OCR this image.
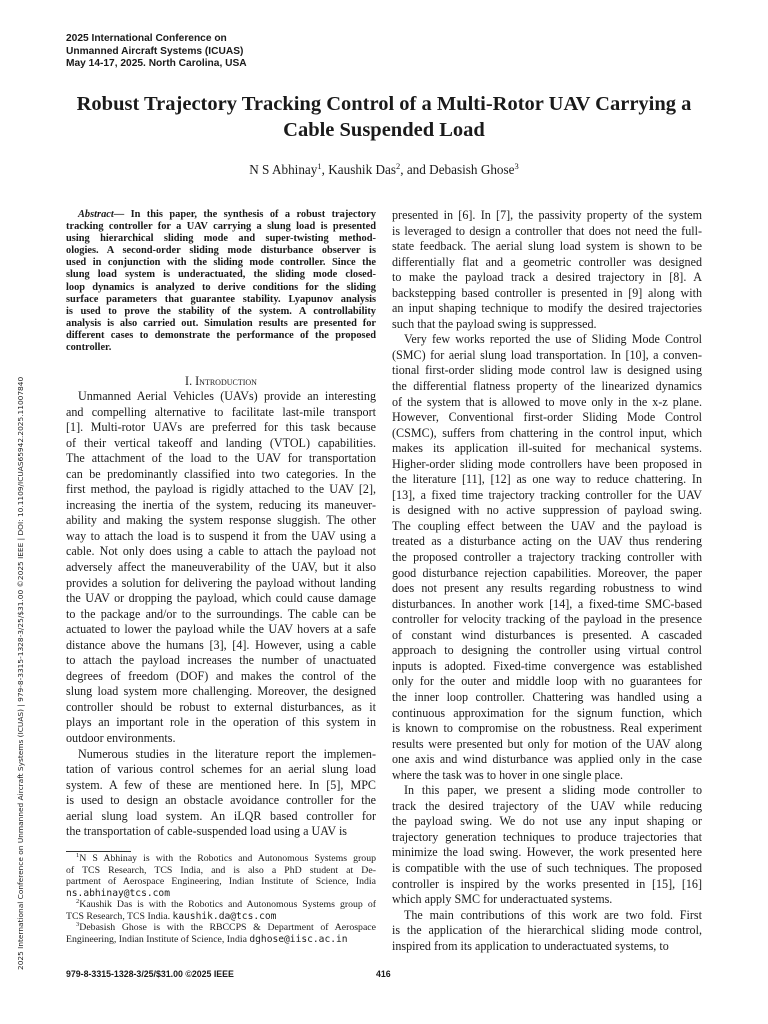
2025 International Conference on
Unmanned Aircraft Systems (ICUAS)
May 14-17, 2025. North Carolina, USA
2025 International Conference on Unmanned Aircraft Systems (ICUAS) | 979-8-3315-1328-3/25/$31.00 ©2025 IEEE | DOI: 10.1109/ICUAS65942.2025.11007840
Robust Trajectory Tracking Control of a Multi-Rotor UAV Carrying a
Cable Suspended Load
N S Abhinay$^1$, Kaushik Das$^2$, and Debasish Ghose$^3$
Abstract— In this paper, the synthesis of a robust trajectory
tracking controller for a UAV carrying a slung load is presented
using hierarchical sliding mode and super-twisting method-
ologies. A second-order sliding mode disturbance observer is
used in conjunction with the sliding mode controller. Since the
slung load system is underactuated, the sliding mode closed-
loop dynamics is analyzed to derive conditions for the sliding
surface parameters that guarantee stability. Lyapunov analysis
is used to prove the stability of the system. A controllability
analysis is also carried out. Simulation results are presented for
different cases to demonstrate the performance of the proposed
controller.
I. Introduction
Unmanned Aerial Vehicles (UAVs) provide an interesting
and compelling alternative to facilitate last-mile transport
[1]. Multi-rotor UAVs are preferred for this task because
of their vertical takeoff and landing (VTOL) capabilities.
The attachment of the load to the UAV for transportation
can be predominantly classified into two categories. In the
first method, the payload is rigidly attached to the UAV [2],
increasing the inertia of the system, reducing its maneuver-
ability and making the system response sluggish. The other
way to attach the load is to suspend it from the UAV using a
cable. Not only does using a cable to attach the payload not
adversely affect the maneuverability of the UAV, but it also
provides a solution for delivering the payload without landing
the UAV or dropping the payload, which could cause damage
to the package and/or to the surroundings. The cable can be
actuated to lower the payload while the UAV hovers at a safe
distance above the humans [3], [4]. However, using a cable
to attach the payload increases the number of unactuated
degrees of freedom (DOF) and makes the control of the
slung load system more challenging. Moreover, the designed
controller should be robust to external disturbances, as it
plays an important role in the operation of this system in
outdoor environments.
Numerous studies in the literature report the implemen-
tation of various control schemes for an aerial slung load
system. A few of these are mentioned here. In [5], MPC
is used to design an obstacle avoidance controller for the
aerial slung load system. An iLQR based controller for
the transportation of cable-suspended load using a UAV is
presented in [6]. In [7], the passivity property of the system
is leveraged to design a controller that does not need the full-
state feedback. The aerial slung load system is shown to be
differentially flat and a geometric controller was designed
to make the payload track a desired trajectory in [8]. A
backstepping based controller is presented in [9] along with
an input shaping technique to modify the desired trajectories
such that the payload swing is suppressed.
Very few works reported the use of Sliding Mode Control
(SMC) for aerial slung load transportation. In [10], a conven-
tional first-order sliding mode control law is designed using
the differential flatness property of the linearized dynamics
of the system that is allowed to move only in the x-z plane.
However, Conventional first-order Sliding Mode Control
(CSMC), suffers from chattering in the control input, which
makes its application ill-suited for mechanical systems.
Higher-order sliding mode controllers have been proposed in
the literature [11], [12] as one way to reduce chattering. In
[13], a fixed time trajectory tracking controller for the UAV
is designed with no active suppression of payload swing.
The coupling effect between the UAV and the payload is
treated as a disturbance acting on the UAV thus rendering
the proposed controller a trajectory tracking controller with
good disturbance rejection capabilities. Moreover, the paper
does not present any results regarding robustness to wind
disturbances. In another work [14], a fixed-time SMC-based
controller for velocity tracking of the payload in the presence
of constant wind disturbances is presented. A cascaded
approach to designing the controller using virtual control
inputs is adopted. Fixed-time convergence was established
only for the outer and middle loop with no guarantees for
the inner loop controller. Chattering was handled using a
continuous approximation for the signum function, which
is known to compromise on the robustness. Real experiment
results were presented but only for motion of the UAV along
one axis and wind disturbance was applied only in the case
where the task was to hover in one single place.
In this paper, we present a sliding mode controller to
track the desired trajectory of the UAV while reducing
the payload swing. We do not use any input shaping or
trajectory generation techniques to produce trajectories that
minimize the load swing. However, the work presented here
is compatible with the use of such techniques. The proposed
controller is inspired by the works presented in [15], [16]
which apply SMC for underactuated systems.
The main contributions of this work are two fold. First
is the application of the hierarchical sliding mode control,
inspired from its application to underactuated systems, to
$^1$N S Abhinay is with the Robotics and Autonomous Systems group
of TCS Research, TCS India, and is also a PhD student at De-
partment of Aerospace Engineering, Indian Institute of Science, India
ns.abhinay@tcs.com
$^2$Kaushik Das is with the Robotics and Autonomous Systems group of
TCS Research, TCS India. kaushik.da@tcs.com
$^3$Debasish Ghose is with the RBCCPS & Department of Aerospace
Engineering, Indian Institute of Science, India dghose@iisc.ac.in
979-8-3315-1328-3/25/$31.00 ©2025 IEEE	416
